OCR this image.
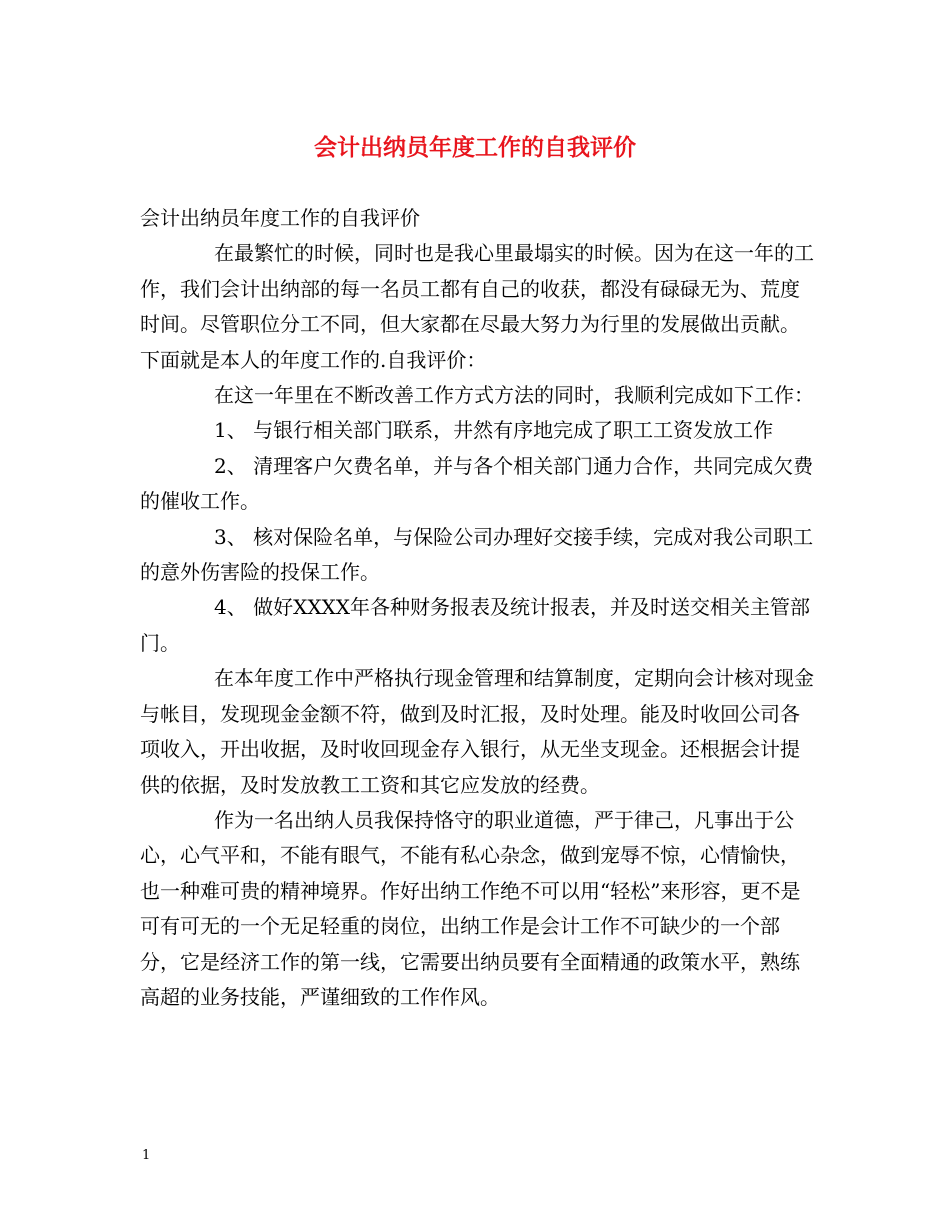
会计出纳员年度工作的自我评价

会计出纳员年度工作的自我评价

在最繁忙的时候，同时也是我心里最塌实的时候。因为在这一年的工作，我们会计出纳部的每一名员工都有自己的收获，都没有碌碌无为、荒度时间。尽管职位分工不同，但大家都在尽最大努力为行里的发展做出贡献。下面就是本人的年度工作的.自我评价：

在这一年里在不断改善工作方式方法的同时，我顺利完成如下工作：

1、 与银行相关部门联系，井然有序地完成了职工工资发放工作

2、 清理客户欠费名单，并与各个相关部门通力合作，共同完成欠费的催收工作。

3、 核对保险名单，与保险公司办理好交接手续，完成对我公司职工的意外伤害险的投保工作。

4、 做好XXXX年各种财务报表及统计报表，并及时送交相关主管部门。

在本年度工作中严格执行现金管理和结算制度，定期向会计核对现金与帐目，发现现金金额不符，做到及时汇报，及时处理。能及时收回公司各项收入，开出收据，及时收回现金存入银行，从无坐支现金。还根据会计提供的依据，及时发放教工工资和其它应发放的经费。

作为一名出纳人员我保持恪守的职业道德，严于律己，凡事出于公心，心气平和，不能有眼气，不能有私心杂念，做到宠辱不惊，心情愉快，也一种难可贵的精神境界。作好出纳工作绝不可以用“轻松”来形容，更不是可有可无的一个无足轻重的岗位，出纳工作是会计工作不可缺少的一个部分，它是经济工作的第一线，它需要出纳员要有全面精通的政策水平，熟练高超的业务技能，严谨细致的工作作风。

1
